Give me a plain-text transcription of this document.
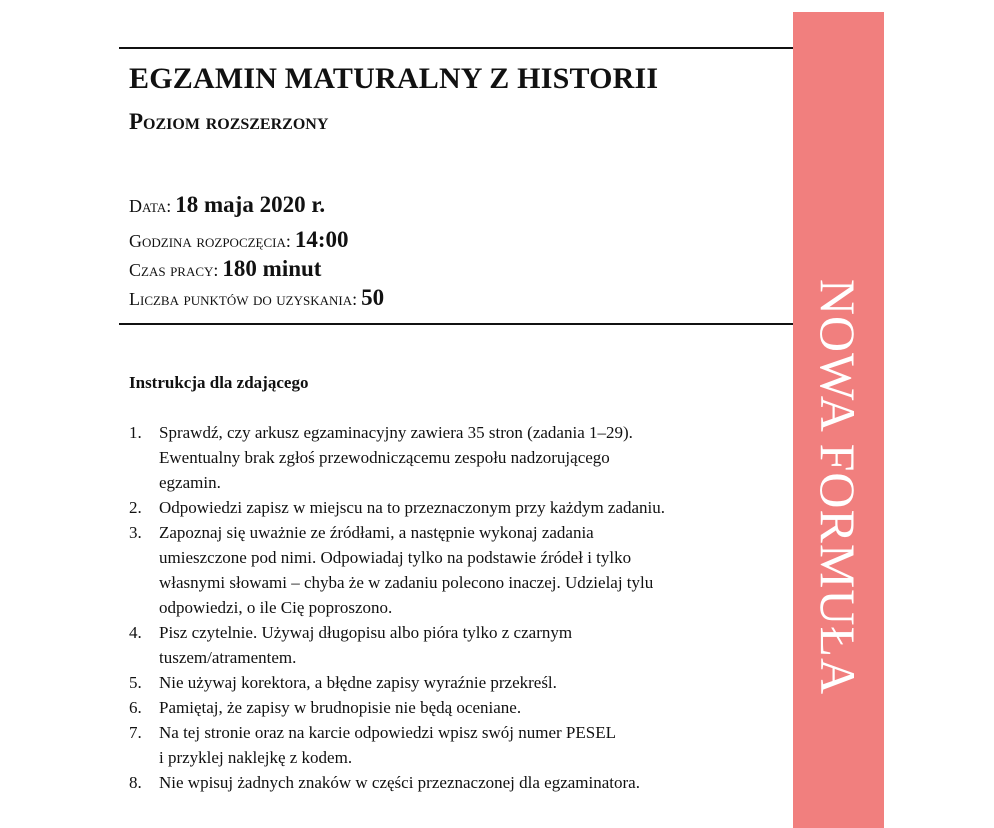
EGZAMIN MATURALNY Z HISTORII
Poziom rozszerzony
Data: 18 maja 2020 r.
Godzina rozpoczęcia: 14:00
Czas pracy: 180 minut
Liczba punktów do uzyskania: 50
Instrukcja dla zdającego
1. Sprawdź, czy arkusz egzaminacyjny zawiera 35 stron (zadania 1–29).
Ewentualny brak zgłoś przewodniczącemu zespołu nadzorującego
egzamin.
2. Odpowiedzi zapisz w miejscu na to przeznaczonym przy każdym zadaniu.
3. Zapoznaj się uważnie ze źródłami, a następnie wykonaj zadania
umieszczone pod nimi. Odpowiadaj tylko na podstawie źródeł i tylko
własnymi słowami – chyba że w zadaniu polecono inaczej. Udzielaj tylu
odpowiedzi, o ile Cię poproszono.
4. Pisz czytelnie. Używaj długopisu albo pióra tylko z czarnym
tuszem/atramentem.
5. Nie używaj korektora, a błędne zapisy wyraźnie przekreśl.
6. Pamiętaj, że zapisy w brudnopisie nie będą oceniane.
7. Na tej stronie oraz na karcie odpowiedzi wpisz swój numer PESEL
i przyklej naklejkę z kodem.
8. Nie wpisuj żadnych znaków w części przeznaczonej dla egzaminatora.
NOWA FORMUŁA
